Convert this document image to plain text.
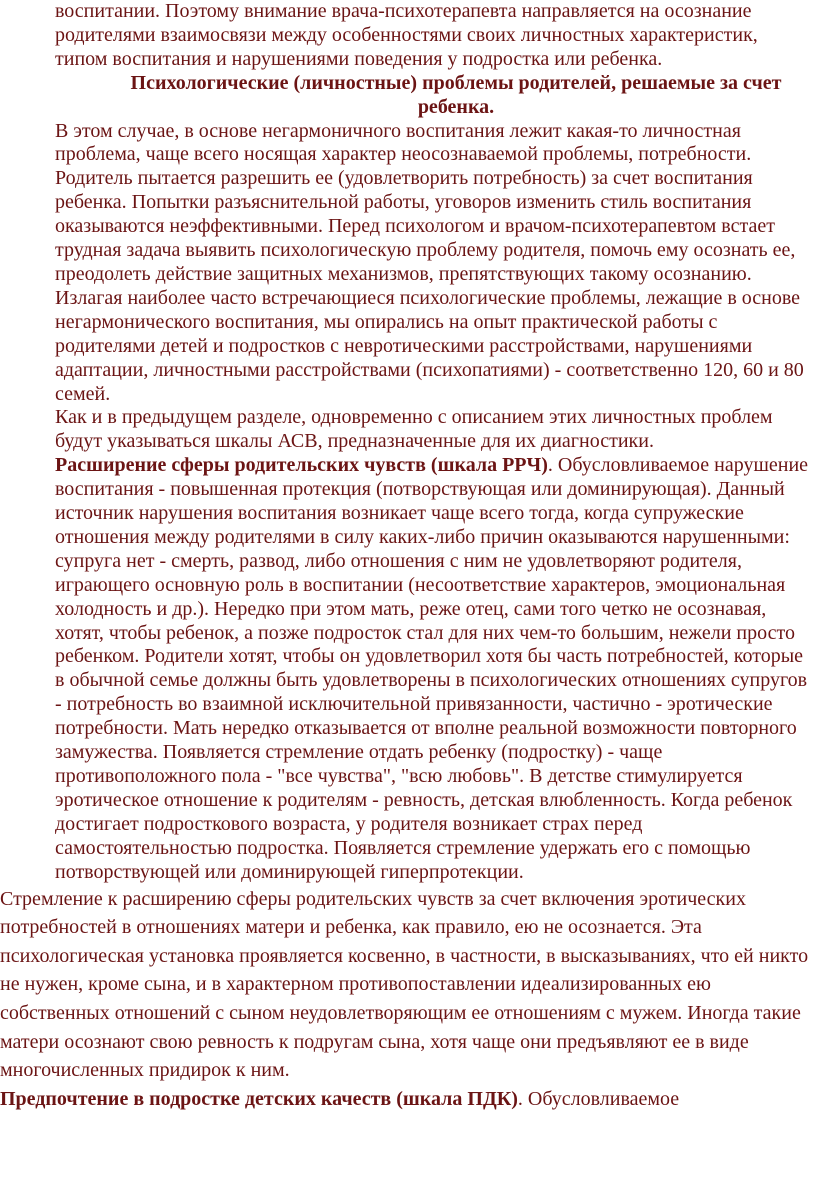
воспитании. Поэтому внимание врача-психотерапевта направляется на осознание родителями взаимосвязи между особенностями своих личностных характеристик, типом воспитания и нарушениями поведения у подростка или ребенка.

Психологические (личностные) проблемы родителей, решаемые за счет ребенка.

В этом случае, в основе негармоничного воспитания лежит какая-то личностная проблема, чаще всего носящая характер неосознаваемой проблемы, потребности. Родитель пытается разрешить ее (удовлетворить потребность) за счет воспитания ребенка. Попытки разъяснительной работы, уговоров изменить стиль воспитания оказываются неэффективными. Перед психологом и врачом-психотерапевтом встает трудная задача выявить психологическую проблему родителя, помочь ему осознать ее, преодолеть действие защитных механизмов, препятствующих такому осознанию.

Излагая наиболее часто встречающиеся психологические проблемы, лежащие в основе негармонического воспитания, мы опирались на опыт практической работы с родителями детей и подростков с невротическими расстройствами, нарушениями адаптации, личностными расстройствами (психопатиями) - соответственно 120, 60 и 80 семей.

Как и в предыдущем разделе, одновременно с описанием этих личностных проблем будут указываться шкалы АСВ, предназначенные для их диагностики.

Расширение сферы родительских чувств (шкала РРЧ). Обусловливаемое нарушение воспитания - повышенная протекция (потворствующая или доминирующая). Данный источник нарушения воспитания возникает чаще всего тогда, когда супружеские отношения между родителями в силу каких-либо причин оказываются нарушенными: супруга нет - смерть, развод, либо отношения с ним не удовлетворяют родителя, играющего основную роль в воспитании (несоответствие характеров, эмоциональная холодность и др.). Нередко при этом мать, реже отец, сами того четко не осознавая, хотят, чтобы ребенок, а позже подросток стал для них чем-то большим, нежели просто ребенком. Родители хотят, чтобы он удовлетворил хотя бы часть потребностей, которые в обычной семье должны быть удовлетворены в психологических отношениях супругов - потребность во взаимной исключительной привязанности, частично - эротические потребности. Мать нередко отказывается от вполне реальной возможности повторного замужества. Появляется стремление отдать ребенку (подростку) - чаще противоположного пола - "все чувства", "всю любовь". В детстве стимулируется эротическое отношение к родителям - ревность, детская влюбленность. Когда ребенок достигает подросткового возраста, у родителя возникает страх перед самостоятельностью подростка. Появляется стремление удержать его с помощью потворствующей или доминирующей гиперпротекции.

Стремление к расширению сферы родительских чувств за счет включения эротических потребностей в отношениях матери и ребенка, как правило, ею не осознается. Эта психологическая установка проявляется косвенно, в частности, в высказываниях, что ей никто не нужен, кроме сына, и в характерном противопоставлении идеализированных ею собственных отношений с сыном неудовлетворяющим ее отношениям с мужем. Иногда такие матери осознают свою ревность к подругам сына, хотя чаще они предъявляют ее в виде многочисленных придирок к ним.

Предпочтение в подростке детских качеств (шкала ПДК). Обусловливаемое
